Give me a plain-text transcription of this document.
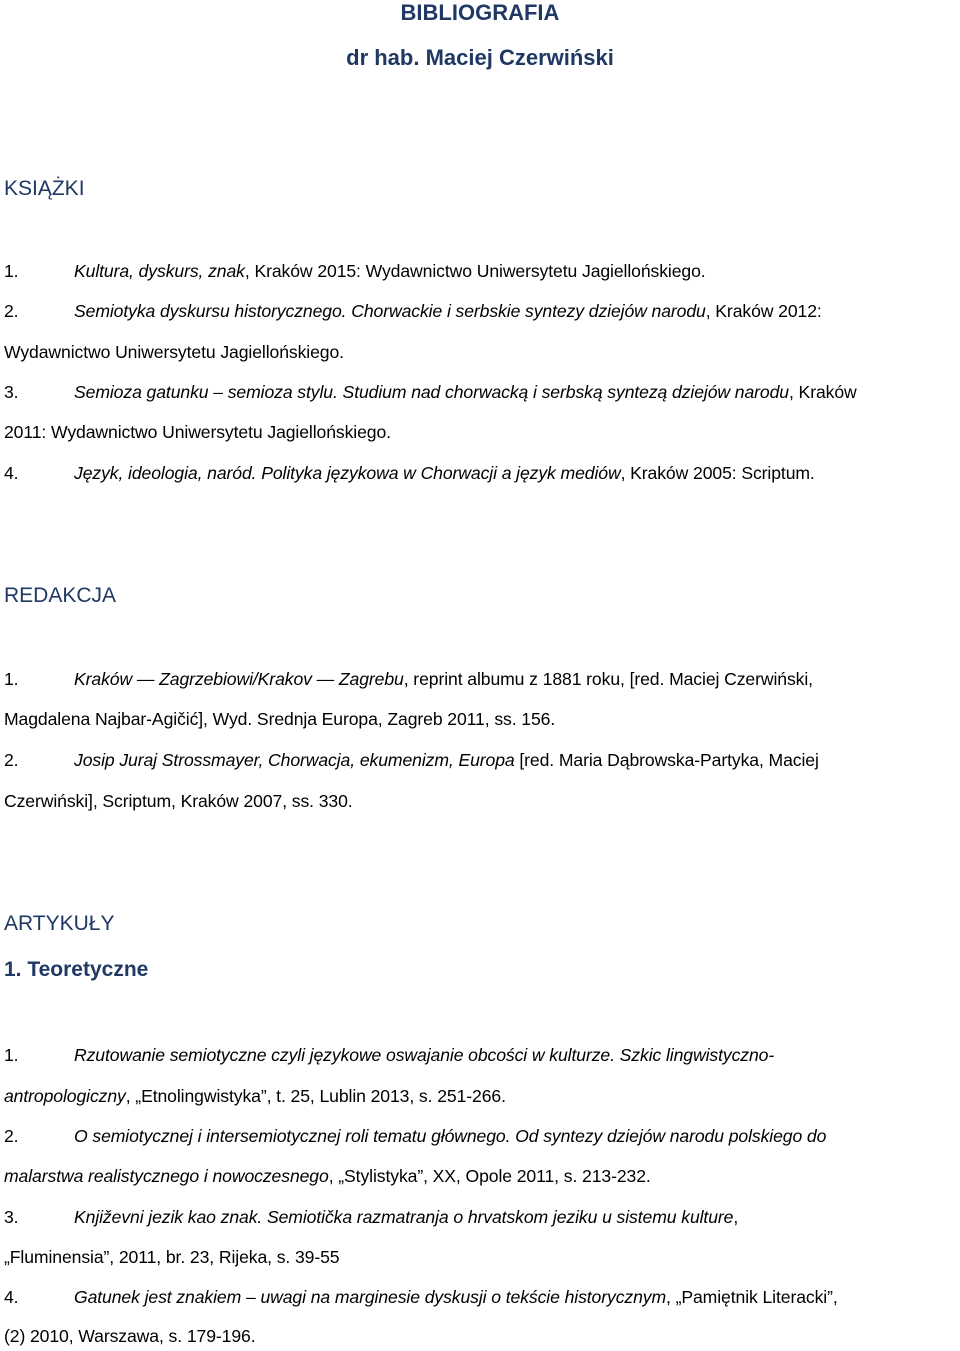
BIBLIOGRAFIA
dr hab. Maciej Czerwiński
KSIĄŻKI
1.	Kultura, dyskurs, znak, Kraków 2015: Wydawnictwo Uniwersytetu Jagiellońskiego.
2.	Semiotyka dyskursu historycznego. Chorwackie i serbskie syntezy dziejów narodu, Kraków 2012:
Wydawnictwo Uniwersytetu Jagiellońskiego.
3.	Semioza gatunku – semioza stylu. Studium nad chorwacką i serbską syntezą dziejów narodu, Kraków
2011: Wydawnictwo Uniwersytetu Jagiellońskiego.
4.	Język, ideologia, naród. Polityka językowa w Chorwacji a język mediów, Kraków 2005: Scriptum.
REDAKCJA
1.	Kraków — Zagrzebiowi/Krakov — Zagrebu, reprint albumu z 1881 roku, [red. Maciej Czerwiński,
Magdalena Najbar-Agičić], Wyd. Srednja Europa, Zagreb 2011, ss. 156.
2.	Josip Juraj Strossmayer, Chorwacja, ekumenizm, Europa [red. Maria Dąbrowska-Partyka, Maciej
Czerwiński], Scriptum, Kraków 2007, ss. 330.
ARTYKUŁY
1. Teoretyczne
1.	Rzutowanie semiotyczne czyli językowe oswajanie obcości w kulturze. Szkic lingwistyczno-
antropologiczny, „Etnolingwistyka”, t. 25, Lublin 2013, s. 251-266.
2.	O semiotycznej i intersemiotycznej roli tematu głównego. Od syntezy dziejów narodu polskiego do
malarstwa realistycznego i nowoczesnego, „Stylistyka”, XX, Opole 2011, s. 213-232.
3.	Književni jezik kao znak. Semiotička razmatranja o hrvatskom jeziku u sistemu kulture,
„Fluminensia”, 2011, br. 23, Rijeka, s. 39-55
4.	Gatunek jest znakiem – uwagi na marginesie dyskusji o tekście historycznym, „Pamiętnik Literacki”,
(2) 2010, Warszawa, s. 179-196.
